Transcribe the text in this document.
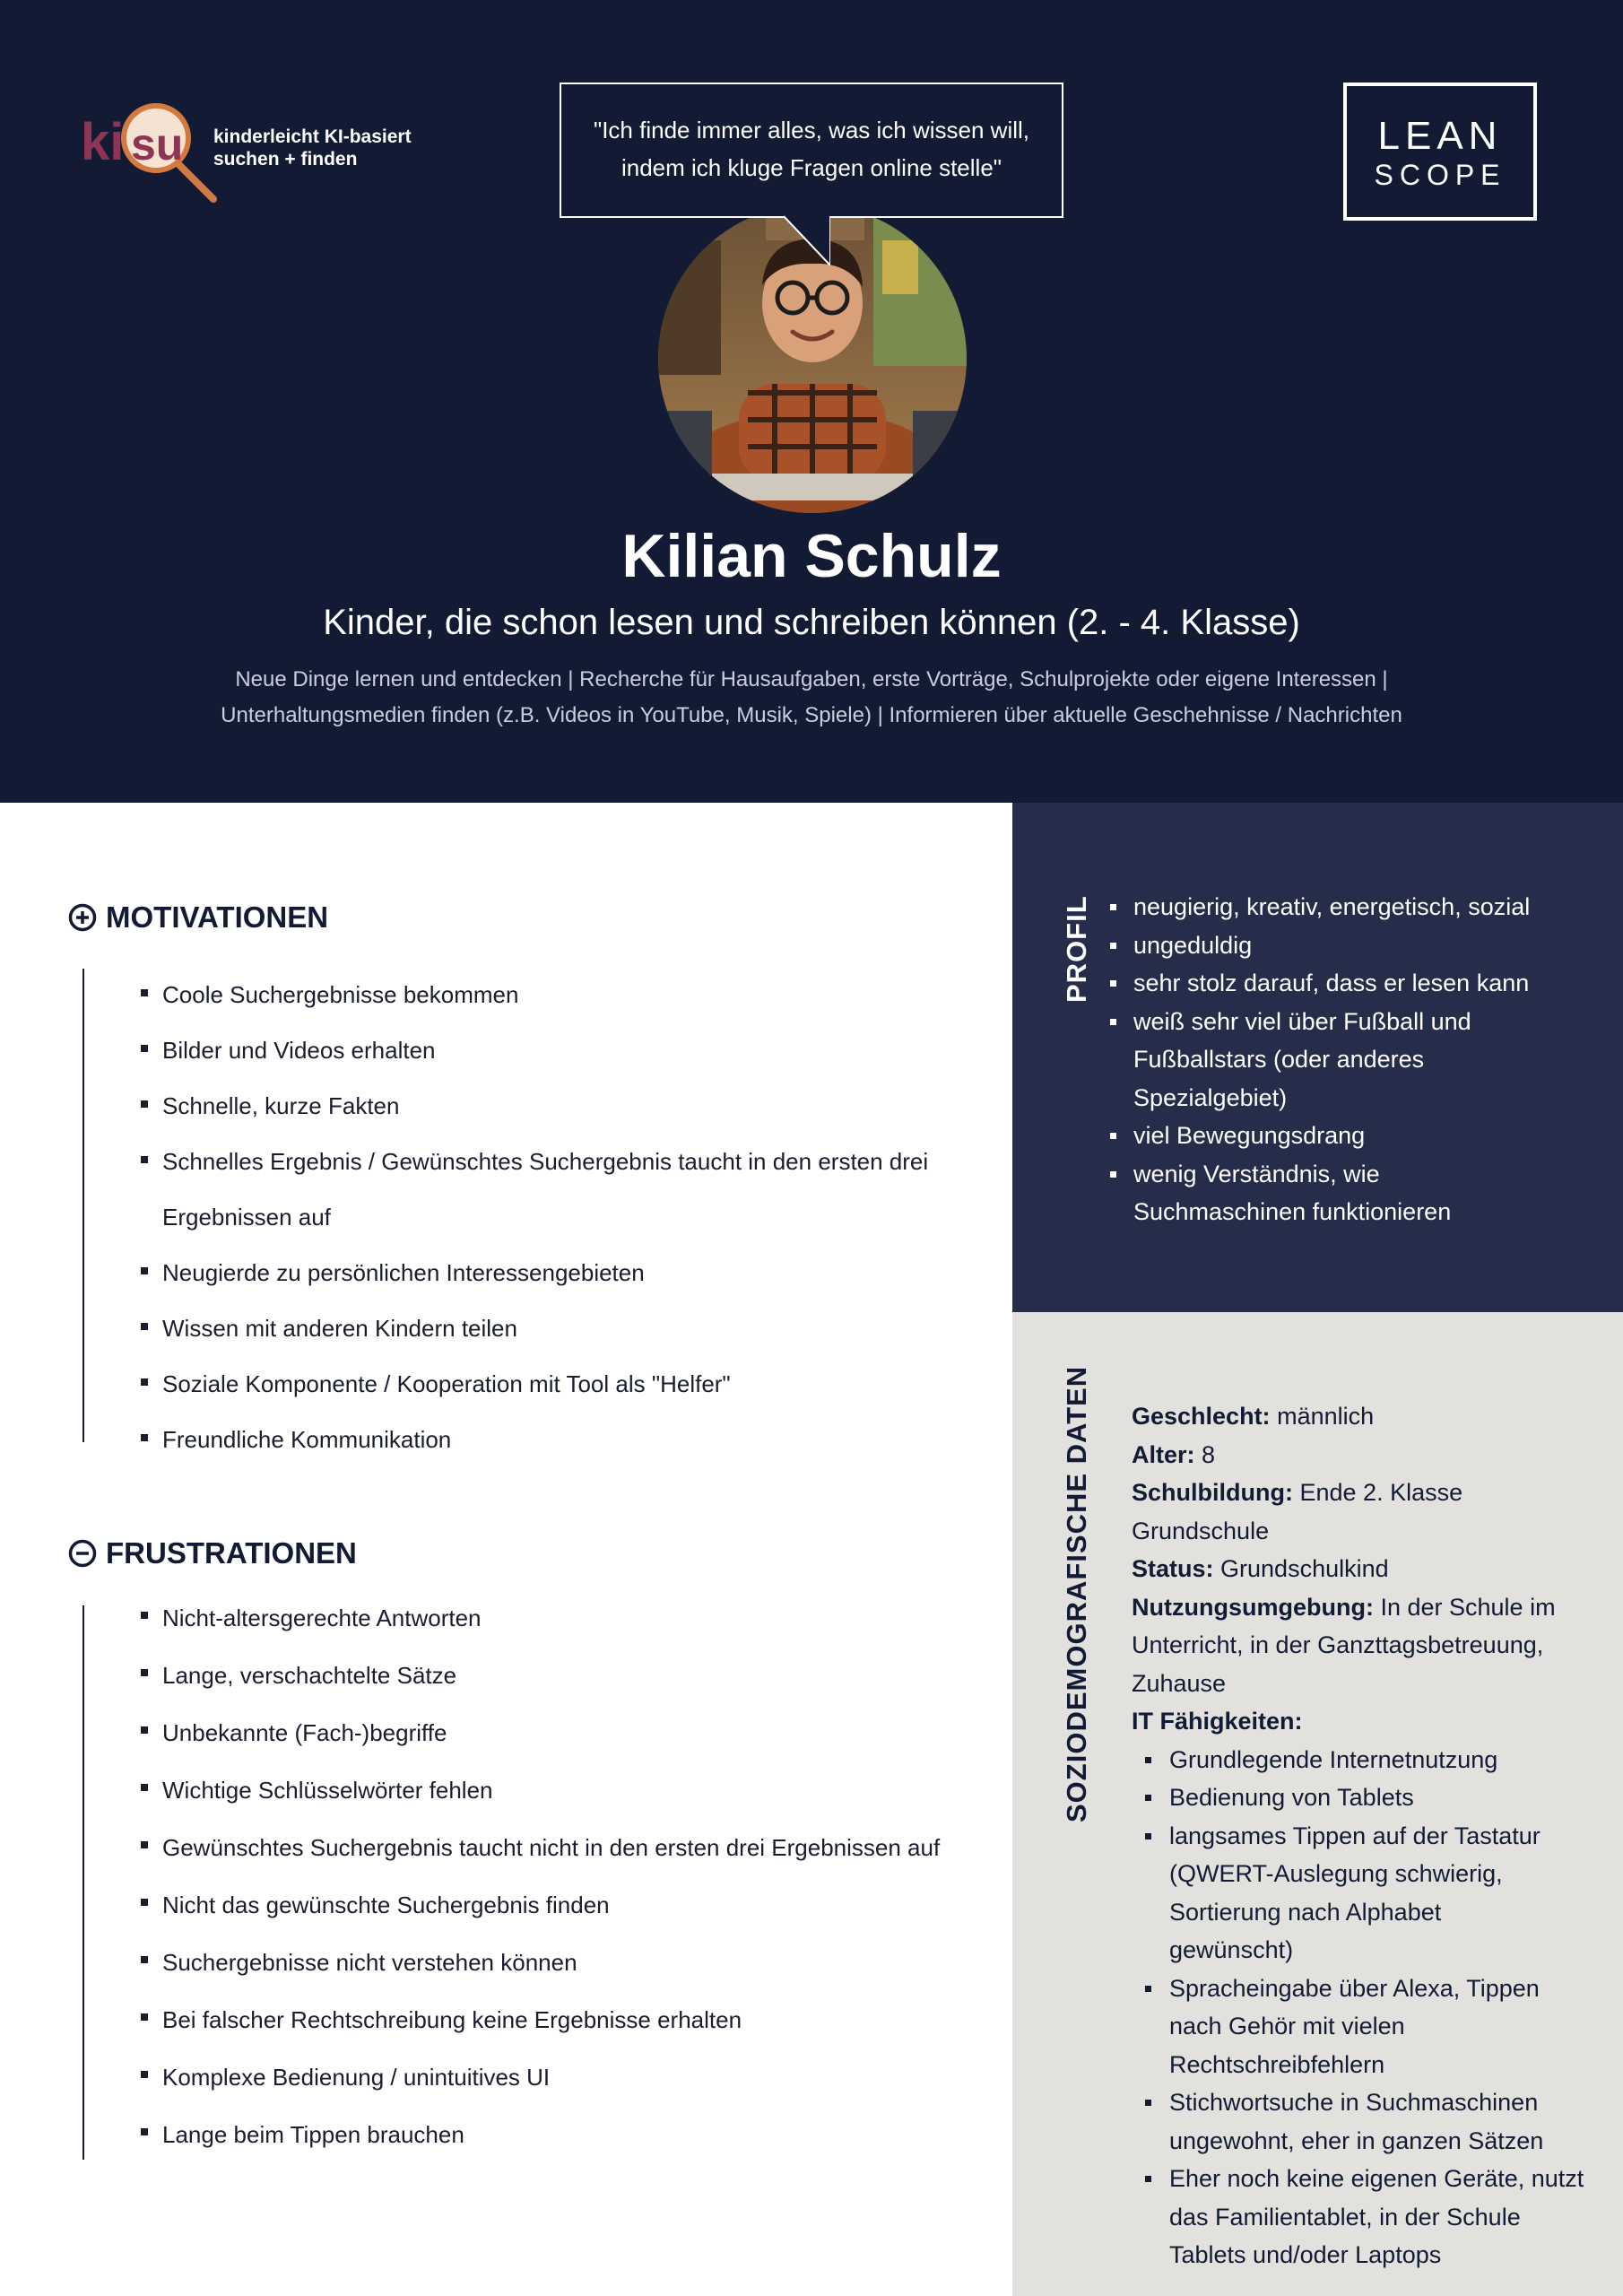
ki su kinderleicht KI-basiert
suchen + finden
LEAN
SCOPE
"Ich finde immer alles, was ich wissen will,
indem ich kluge Fragen online stelle"
Kilian Schulz
Kinder, die schon lesen und schreiben können (2. - 4. Klasse)
Neue Dinge lernen und entdecken | Recherche für Hausaufgaben, erste Vorträge, Schulprojekte oder eigene Interessen |
Unterhaltungsmedien finden (z.B. Videos in YouTube, Musik, Spiele) | Informieren über aktuelle Geschehnisse / Nachrichten
MOTIVATIONEN
Coole Suchergebnisse bekommen
Bilder und Videos erhalten
Schnelle, kurze Fakten
Schnelles Ergebnis / Gewünschtes Suchergebnis taucht in den ersten drei Ergebnissen auf
Neugierde zu persönlichen Interessengebieten
Wissen mit anderen Kindern teilen
Soziale Komponente / Kooperation mit Tool als "Helfer"
Freundliche Kommunikation
FRUSTRATIONEN
Nicht-altersgerechte Antworten
Lange, verschachtelte Sätze
Unbekannte (Fach-)begriffe
Wichtige Schlüsselwörter fehlen
Gewünschtes Suchergebnis taucht nicht in den ersten drei Ergebnissen auf
Nicht das gewünschte Suchergebnis finden
Suchergebnisse nicht verstehen können
Bei falscher Rechtschreibung keine Ergebnisse erhalten
Komplexe Bedienung / unintuitives UI
Lange beim Tippen brauchen
PROFIL	neugierig, kreativ, energetisch, sozial
ungeduldig
sehr stolz darauf, dass er lesen kann
weiß sehr viel über Fußball und Fußballstars (oder anderes Spezialgebiet)
viel Bewegungsdrang
wenig Verständnis, wie Suchmaschinen funktionieren
SOZIODEMOGRAFISCHE DATEN Geschlecht: männlich
Alter: 8
Schulbildung: Ende 2. Klasse Grundschule
Status: Grundschulkind
Nutzungsumgebung: In der Schule im Unterricht, in der Ganzttagsbetreuung, Zuhause
IT Fähigkeiten:
Grundlegende Internetnutzung
Bedienung von Tablets
langsames Tippen auf der Tastatur (QWERT-Auslegung schwierig, Sortierung nach Alphabet gewünscht)
Spracheingabe über Alexa, Tippen nach Gehör mit vielen Rechtschreibfehlern
Stichwortsuche in Suchmaschinen ungewohnt, eher in ganzen Sätzen
Eher noch keine eigenen Geräte, nutzt das Familientablet, in der Schule Tablets und/oder Laptops
